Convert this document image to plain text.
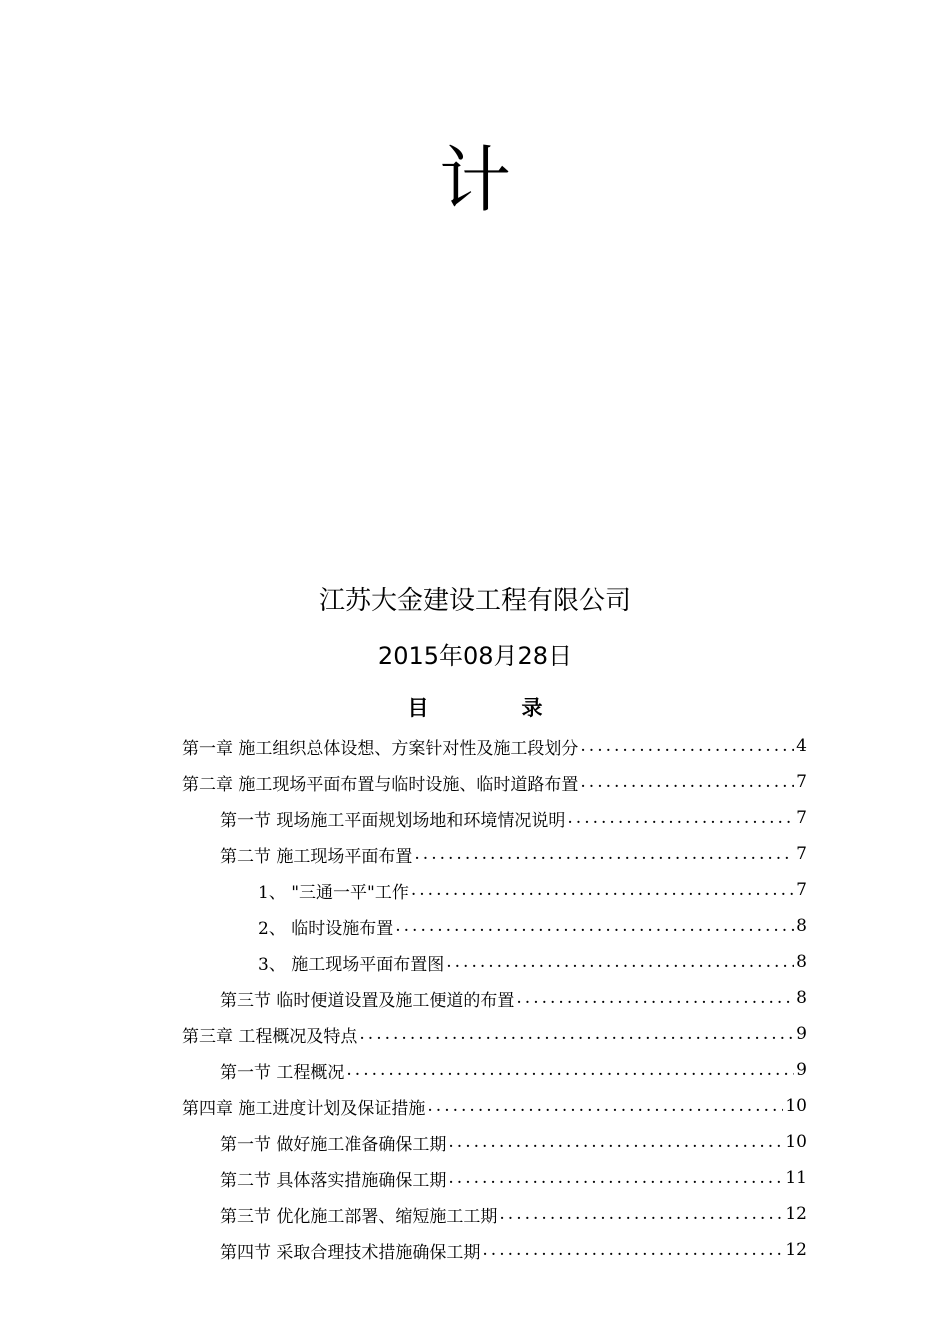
计
江苏大金建设工程有限公司
2015年08月28日
目　录
第一章 施工组织总体设想、方案针对性及施工段划分 .....	4
第二章 施工现场平面布置与临时设施、临时道路布置 .....	7
第一节 现场施工平面规划场地和环境情况说明 .....	7
第二节 施工现场平面布置 .....	7
1、 "三通一平"工作 .....	7
2、 临时设施布置 .....	8
3、 施工现场平面布置图 .....	8
第三节 临时便道设置及施工便道的布置 .....	8
第三章 工程概况及特点 .....	9
第一节 工程概况 .....	9
第四章 施工进度计划及保证措施 .....	10
第一节 做好施工准备确保工期 .....	10
第二节 具体落实措施确保工期 .....	11
第三节 优化施工部署、缩短施工工期 .....	12
第四节 采取合理技术措施确保工期 .....	12
